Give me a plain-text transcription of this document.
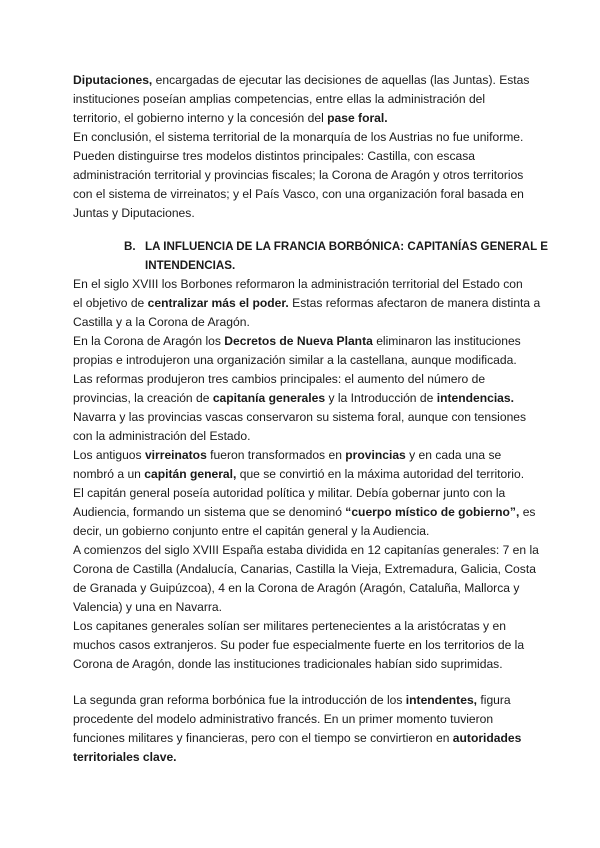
Diputaciones, encargadas de ejecutar las decisiones de aquellas (las Juntas). Estas
instituciones poseían amplias competencias, entre ellas la administración del
territorio, el gobierno interno y la concesión del pase foral.
En conclusión, el sistema territorial de la monarquía de los Austrias no fue uniforme.
Pueden distinguirse tres modelos distintos principales: Castilla, con escasa
administración territorial y provincias fiscales; la Corona de Aragón y otros territorios
con el sistema de virreinatos; y el País Vasco, con una organización foral basada en
Juntas y Diputaciones.
B. LA INFLUENCIA DE LA FRANCIA BORBÓNICA: CAPITANÍAS GENERAL E
INTENDENCIAS.
En el siglo XVIII los Borbones reformaron la administración territorial del Estado con
el objetivo de centralizar más el poder. Estas reformas afectaron de manera distinta a
Castilla y a la Corona de Aragón.
En la Corona de Aragón los Decretos de Nueva Planta eliminaron las instituciones
propias e introdujeron una organización similar a la castellana, aunque modificada.
Las reformas produjeron tres cambios principales: el aumento del número de
provincias, la creación de capitanía generales y la Introducción de intendencias.
Navarra y las provincias vascas conservaron su sistema foral, aunque con tensiones
con la administración del Estado.
Los antiguos virreinatos fueron transformados en provincias y en cada una se
nombró a un capitán general, que se convirtió en la máxima autoridad del territorio.
El capitán general poseía autoridad política y militar. Debía gobernar junto con la
Audiencia, formando un sistema que se denominó “cuerpo místico de gobierno”, es
decir, un gobierno conjunto entre el capitán general y la Audiencia.
A comienzos del siglo XVIII España estaba dividida en 12 capitanías generales: 7 en la
Corona de Castilla (Andalucía, Canarias, Castilla la Vieja, Extremadura, Galicia, Costa
de Granada y Guipúzcoa), 4 en la Corona de Aragón (Aragón, Cataluña, Mallorca y
Valencia) y una en Navarra.
Los capitanes generales solían ser militares pertenecientes a la aristócratas y en
muchos casos extranjeros. Su poder fue especialmente fuerte en los territorios de la
Corona de Aragón, donde las instituciones tradicionales habían sido suprimidas.
La segunda gran reforma borbónica fue la introducción de los intendentes, figura
procedente del modelo administrativo francés. En un primer momento tuvieron
funciones militares y financieras, pero con el tiempo se convirtieron en autoridades
territoriales clave.
